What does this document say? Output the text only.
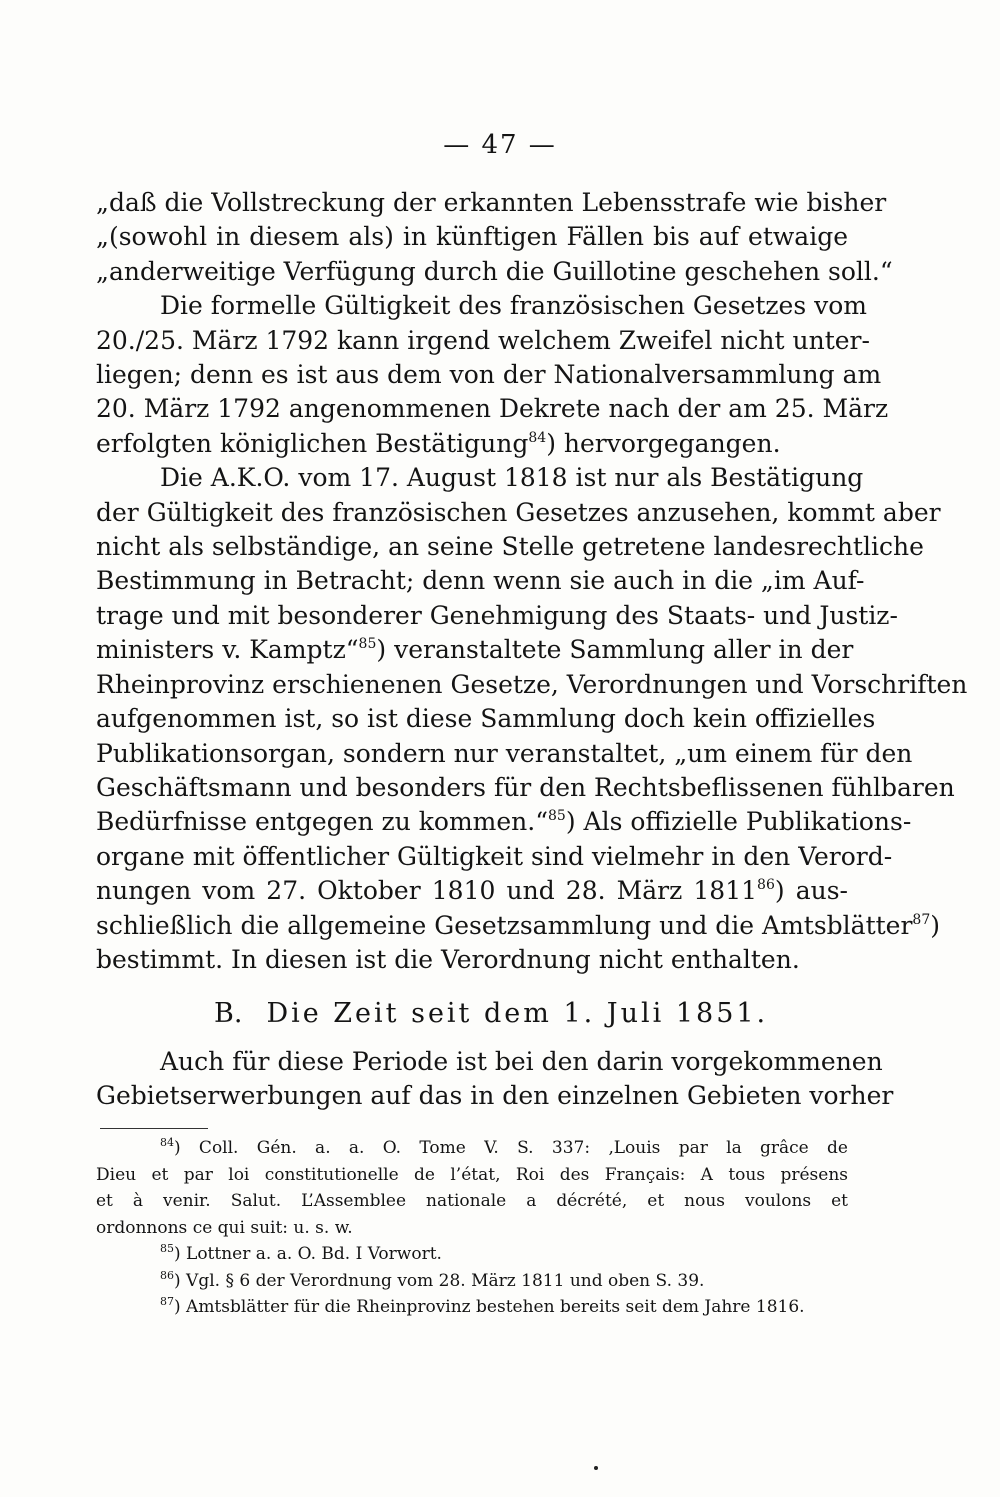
— 47 —

„daß die Vollstreckung der erkannten Lebensstrafe wie bisher
„(sowohl in diesem als) in künftigen Fällen bis auf etwaige
„anderweitige Verfügung durch die Guillotine geschehen soll.“

Die formelle Gültigkeit des französischen Gesetzes vom
20./25. März 1792 kann irgend welchem Zweifel nicht unter-
liegen; denn es ist aus dem von der Nationalversammlung am
20. März 1792 angenommenen Dekrete nach der am 25. März
erfolgten königlichen Bestätigung$^{84}$) hervorgegangen.

Die A.K.O. vom 17. August 1818 ist nur als Bestätigung
der Gültigkeit des französischen Gesetzes anzusehen, kommt aber
nicht als selbständige, an seine Stelle getretene landesrechtliche
Bestimmung in Betracht; denn wenn sie auch in die „im Auf-
trage und mit besonderer Genehmigung des Staats- und Justiz-
ministers v. Kamptz“$^{85}$) veranstaltete Sammlung aller in der
Rheinprovinz erschienenen Gesetze, Verordnungen und Vorschriften
aufgenommen ist, so ist diese Sammlung doch kein offizielles
Publikationsorgan, sondern nur veranstaltet, „um einem für den
Geschäftsmann und besonders für den Rechtsbeflissenen fühlbaren
Bedürfnisse entgegen zu kommen.“$^{85}$) Als offizielle Publikations-
organe mit öffentlicher Gültigkeit sind vielmehr in den Verord-
nungen vom 27. Oktober 1810 und 28. März 1811$^{86}$) aus-
schließlich die allgemeine Gesetzsammlung und die Amtsblätter$^{87}$)
bestimmt. In diesen ist die Verordnung nicht enthalten.

B. Die Zeit seit dem 1. Juli 1851.
Auch für diese Periode ist bei den darin vorgekommenen
Gebietserwerbungen auf das in den einzelnen Gebieten vorher

$^{84}$) Coll. Gén. a. a. O. Tome V. S. 337: ‚Louis par la grâce de
Dieu et par loi constitutionelle de l’état, Roi des Français: A tous présens
et à venir. Salut. L’Assemblee nationale a décrété, et nous voulons et
ordonnons ce qui suit: u. s. w.

$^{85}$) Lottner a. a. O. Bd. I Vorwort.

$^{86}$) Vgl. § 6 der Verordnung vom 28. März 1811 und oben S. 39.

$^{87}$) Amtsblätter für die Rheinprovinz bestehen bereits seit dem Jahre 1816.
